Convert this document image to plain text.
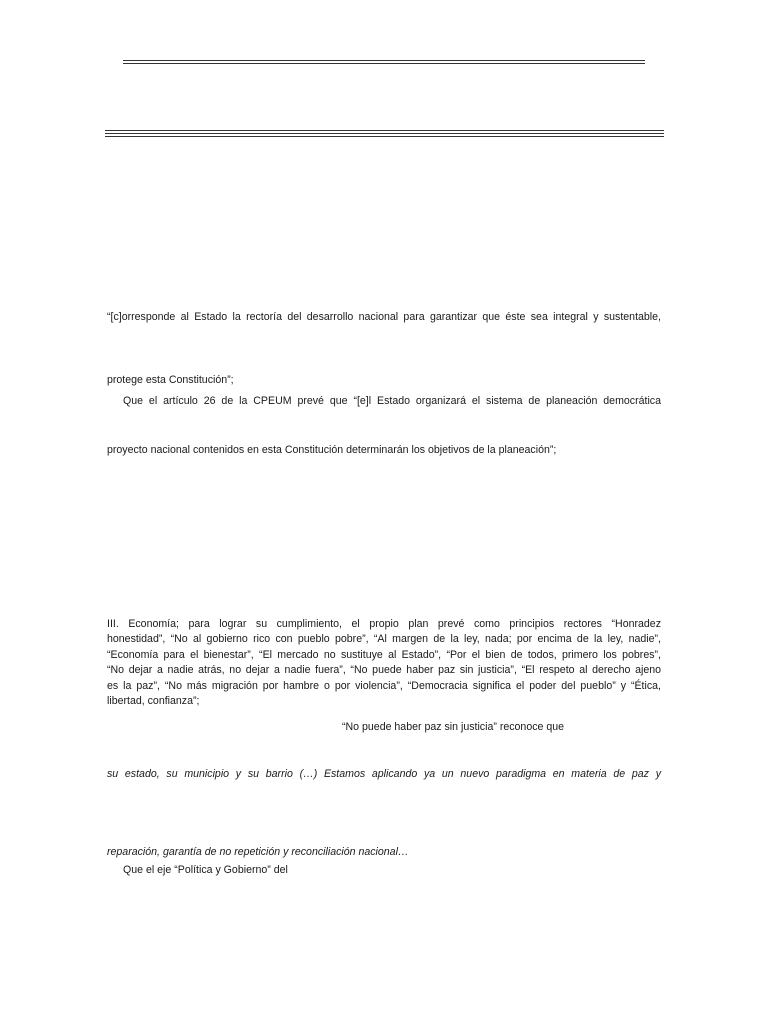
“[c]orresponde al Estado la rectoría del desarrollo nacional para garantizar que éste sea integral y sustentable,
protege esta Constitución”;
Que el artículo 26 de la CPEUM prevé que “[e]l Estado organizará el sistema de planeación democrática
proyecto nacional contenidos en esta Constitución determinarán los objetivos de la planeación”;
III. Economía; para lograr su cumplimiento, el propio plan prevé como principios rectores “Honradez
honestidad”, “No al gobierno rico con pueblo pobre”, “Al margen de la ley, nada; por encima de la ley, nadie”,
“Economía para el bienestar”, “El mercado no sustituye al Estado”, “Por el bien de todos, primero los pobres”,
“No dejar a nadie atrás, no dejar a nadie fuera”, “No puede haber paz sin justicia”, “El respeto al derecho ajeno
es la paz”, “No más migración por hambre o por violencia”, “Democracia significa el poder del pueblo” y “Ética,
libertad, confianza”;
“No puede haber paz sin justicia” reconoce que
su estado, su municipio y su barrio (…) Estamos aplicando ya un nuevo paradigma en materia de paz y
reparación, garantía de no repetición y reconciliación nacional…
Que el eje “Política y Gobierno” del
